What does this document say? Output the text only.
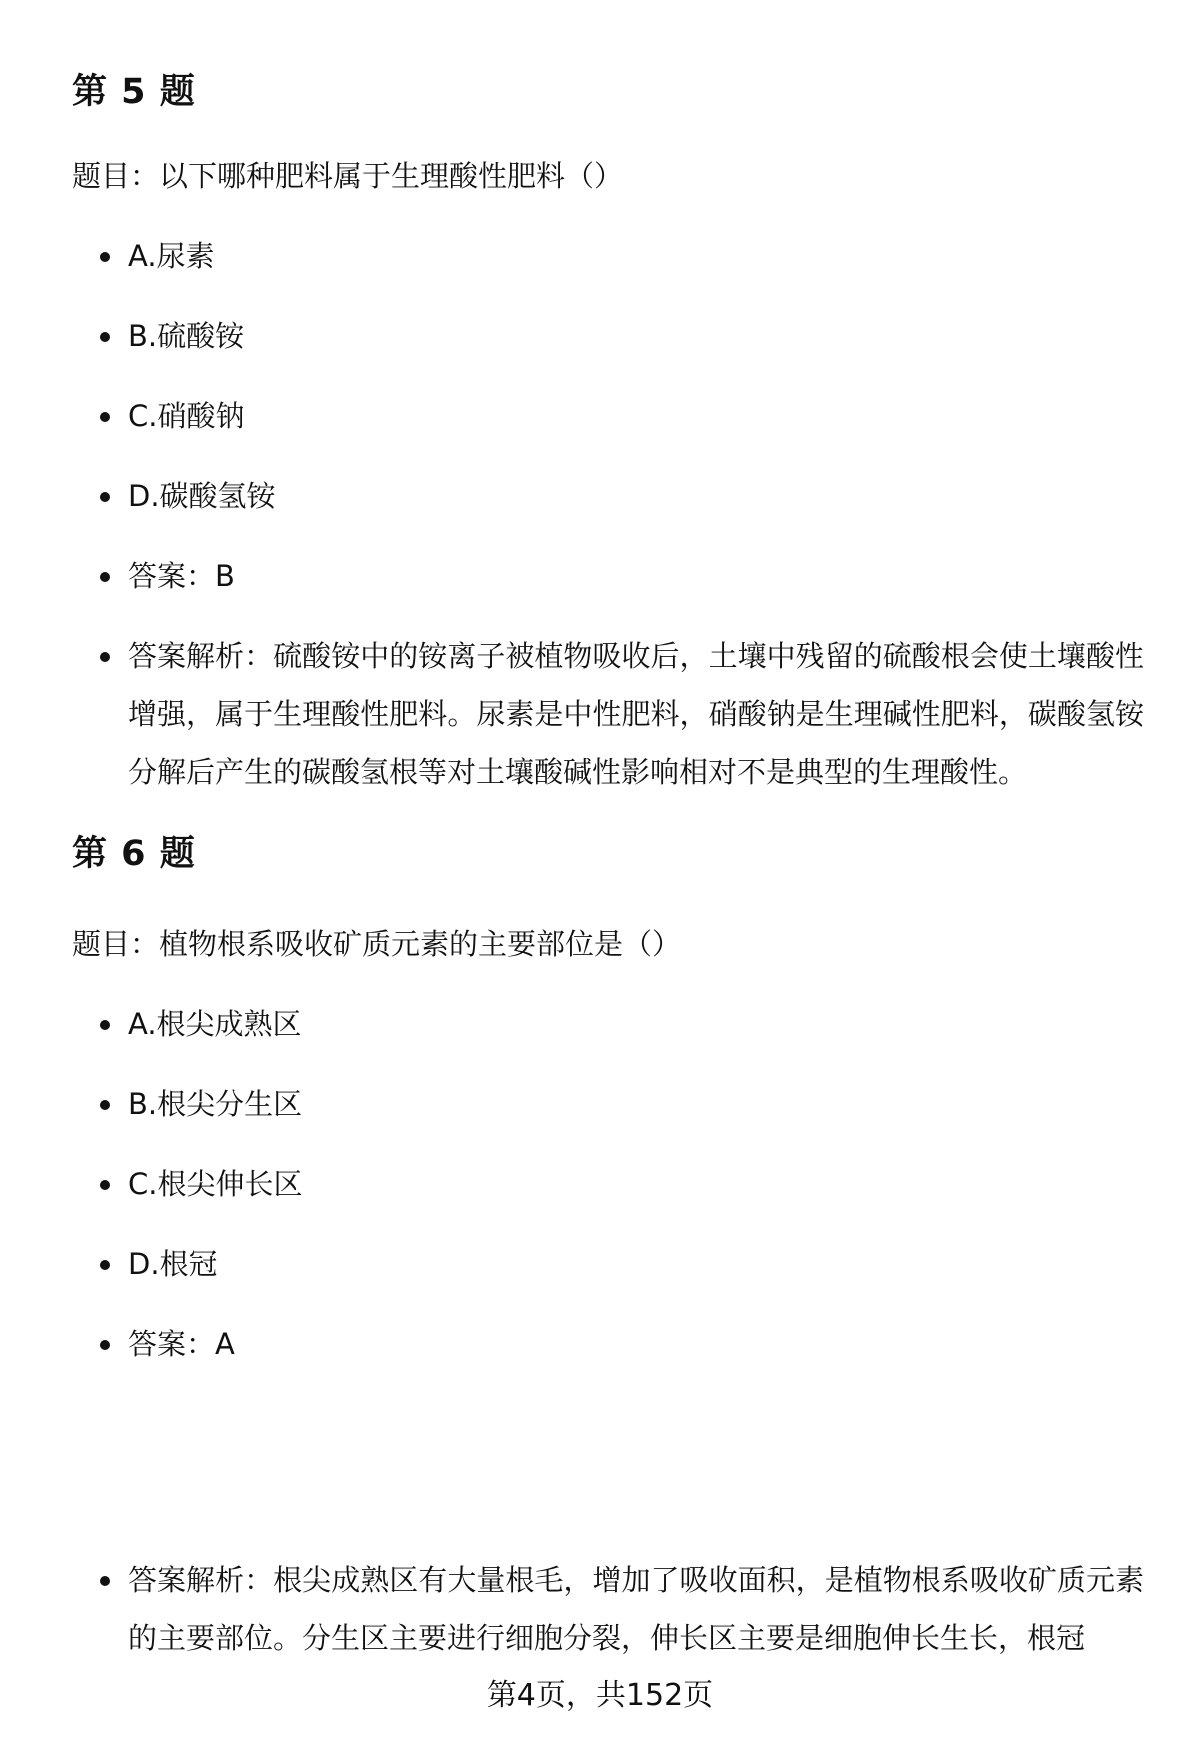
第 5 题

题目：以下哪种肥料属于生理酸性肥料（）

A.尿素

B.硫酸铵

C.硝酸钠

D.碳酸氢铵

答案：B

答案解析：硫酸铵中的铵离子被植物吸收后，土壤中残留的硫酸根会使土壤酸性增强，属于生理酸性肥料。尿素是中性肥料，硝酸钠是生理碱性肥料，碳酸氢铵分解后产生的碳酸氢根等对土壤酸碱性影响相对不是典型的生理酸性。

第 6 题

题目：植物根系吸收矿质元素的主要部位是（）

A.根尖成熟区

B.根尖分生区

C.根尖伸长区

D.根冠

答案：A

答案解析：根尖成熟区有大量根毛，增加了吸收面积，是植物根系吸收矿质元素的主要部位。分生区主要进行细胞分裂，伸长区主要是细胞伸长生长，根冠

第4页，共152页
